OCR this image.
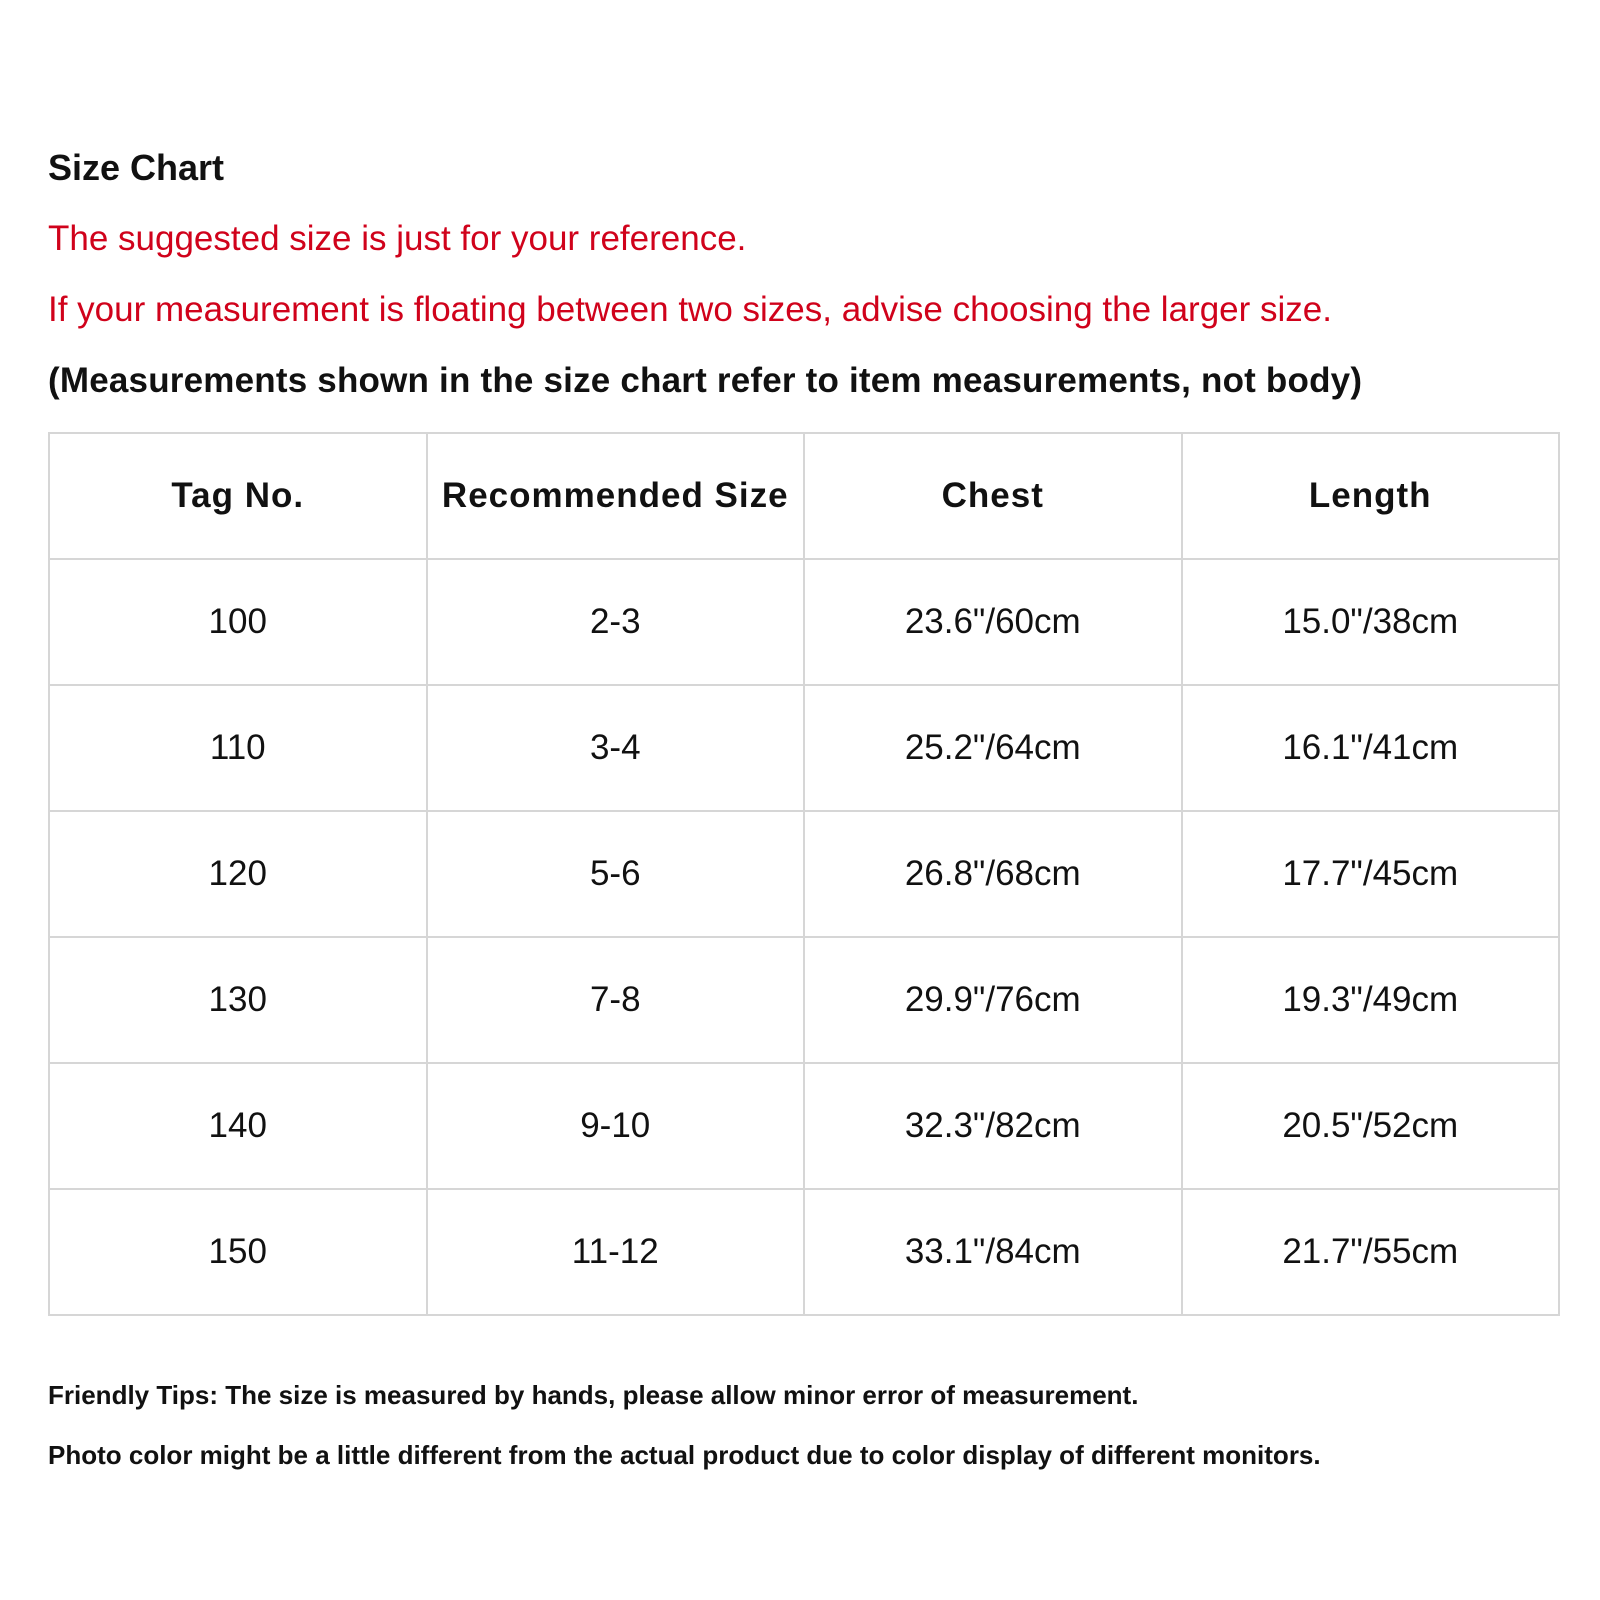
Size Chart

The suggested size is just for your reference.

If your measurement is floating between two sizes, advise choosing the larger size.

(Measurements shown in the size chart refer to item measurements, not body)

Tag No.	Recommended Size	Chest	Length
100	2-3	23.6"/60cm	15.0"/38cm
110	3-4	25.2"/64cm	16.1"/41cm
120	5-6	26.8"/68cm	17.7"/45cm
130	7-8	29.9"/76cm	19.3"/49cm
140	9-10	32.3"/82cm	20.5"/52cm
150	11-12	33.1"/84cm	21.7"/55cm

Friendly Tips: The size is measured by hands, please allow minor error of measurement.

Photo color might be a little different from the actual product due to color display of different monitors.
